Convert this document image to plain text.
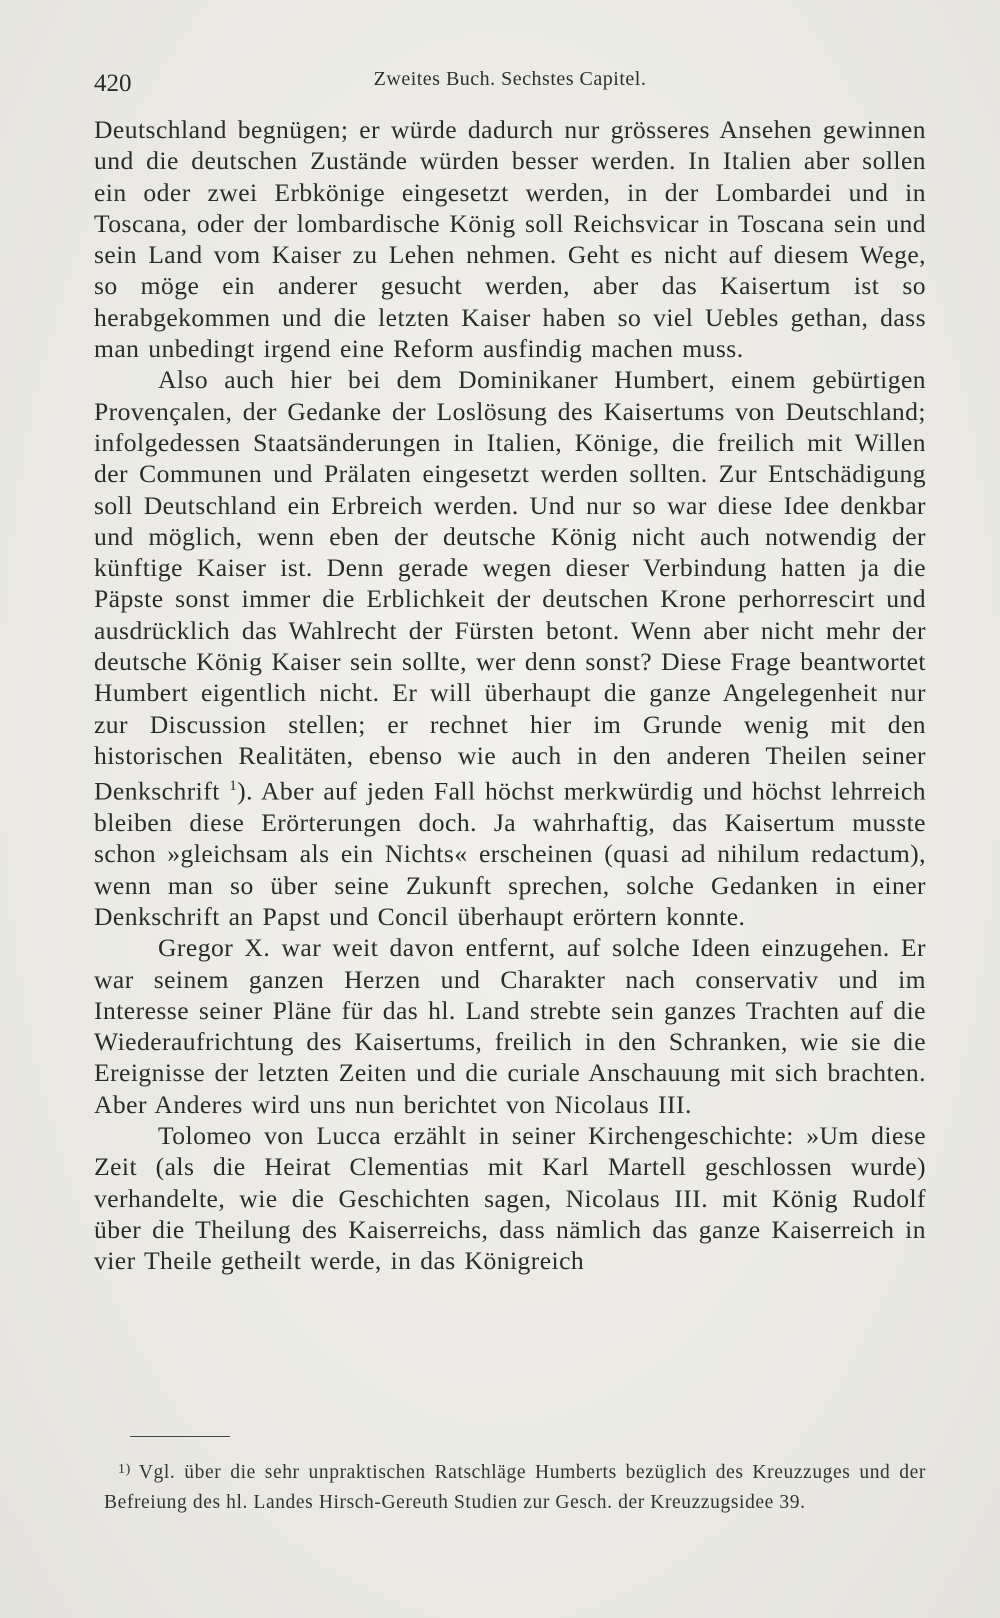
420	Zweites Buch. Sechstes Capitel.

Deutschland begnügen; er würde dadurch nur grösseres Ansehen gewinnen und die deutschen Zustände würden besser werden. In Italien aber sollen ein oder zwei Erbkönige eingesetzt werden, in der Lombardei und in Toscana, oder der lombardische König soll Reichsvicar in Toscana sein und sein Land vom Kaiser zu Lehen nehmen. Geht es nicht auf diesem Wege, so möge ein anderer gesucht werden, aber das Kaisertum ist so herabgekommen und die letzten Kaiser haben so viel Uebles gethan, dass man unbedingt irgend eine Reform ausfindig machen muss.

Also auch hier bei dem Dominikaner Humbert, einem gebürtigen Provençalen, der Gedanke der Loslösung des Kaisertums von Deutschland; infolgedessen Staatsänderungen in Italien, Könige, die freilich mit Willen der Communen und Prälaten eingesetzt werden sollten. Zur Entschädigung soll Deutschland ein Erbreich werden. Und nur so war diese Idee denkbar und möglich, wenn eben der deutsche König nicht auch notwendig der künftige Kaiser ist. Denn gerade wegen dieser Verbindung hatten ja die Päpste sonst immer die Erblichkeit der deutschen Krone perhorrescirt und ausdrücklich das Wahlrecht der Fürsten betont. Wenn aber nicht mehr der deutsche König Kaiser sein sollte, wer denn sonst? Diese Frage beantwortet Humbert eigentlich nicht. Er will überhaupt die ganze Angelegenheit nur zur Discussion stellen; er rechnet hier im Grunde wenig mit den historischen Realitäten, ebenso wie auch in den anderen Theilen seiner Denkschrift $^1$). Aber auf jeden Fall höchst merkwürdig und höchst lehrreich bleiben diese Erörterungen doch. Ja wahrhaftig, das Kaisertum musste schon »gleichsam als ein Nichts« erscheinen (quasi ad nihilum redactum), wenn man so über seine Zukunft sprechen, solche Gedanken in einer Denkschrift an Papst und Concil überhaupt erörtern konnte.

Gregor X. war weit davon entfernt, auf solche Ideen einzugehen. Er war seinem ganzen Herzen und Charakter nach conservativ und im Interesse seiner Pläne für das hl. Land strebte sein ganzes Trachten auf die Wiederaufrichtung des Kaisertums, freilich in den Schranken, wie sie die Ereignisse der letzten Zeiten und die curiale Anschauung mit sich brachten. Aber Anderes wird uns nun berichtet von Nicolaus III.

Tolomeo von Lucca erzählt in seiner Kirchengeschichte: »Um diese Zeit (als die Heirat Clementias mit Karl Martell geschlossen wurde) verhandelte, wie die Geschichten sagen, Nicolaus III. mit König Rudolf über die Theilung des Kaiserreichs, dass nämlich das ganze Kaiserreich in vier Theile getheilt werde, in das Königreich

$^{1)}$ Vgl. über die sehr unpraktischen Ratschläge Humberts bezüglich des Kreuzzuges und der Befreiung des hl. Landes Hirsch-Gereuth Studien zur Gesch. der Kreuzzugsidee 39.
